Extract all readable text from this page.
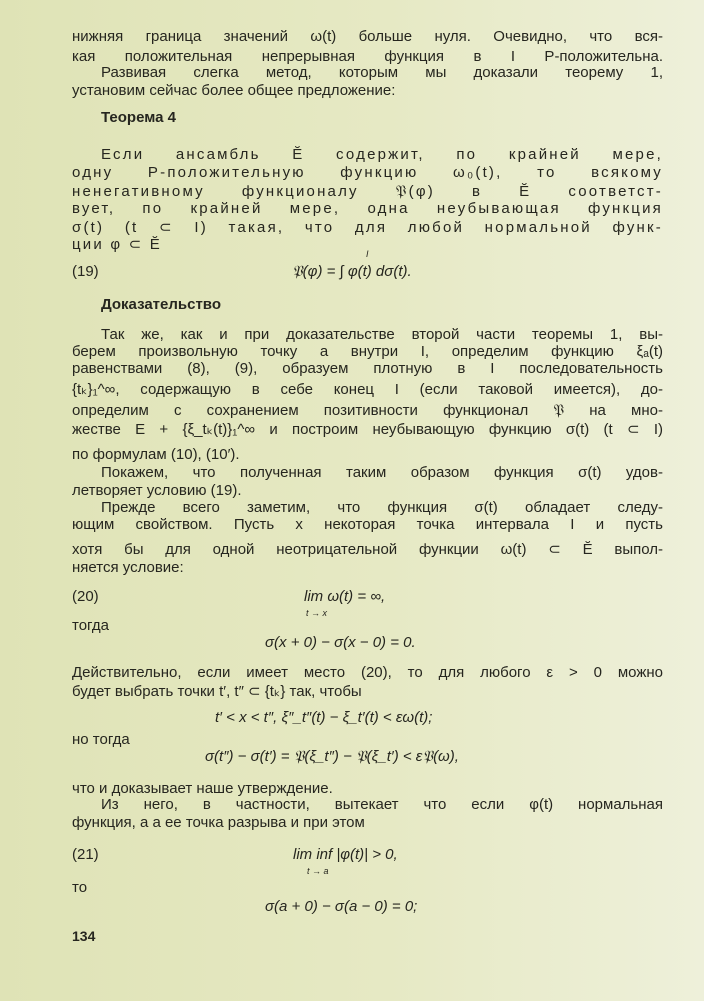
нижняя граница значений ω(t) больше нуля. Очевидно, что вся-
кая положительная непрерывная функция в I P-положительна.
Развивая слегка метод, которым мы доказали теорему 1,
установим сейчас более общее предложение:
Теорема 4
Если ансамбль Ĕ содержит, по крайней мере,
одну P-положительную функцию ω₀(t), то всякому
ненегативному функционалу 𝔓(φ) в Ĕ соответст-
вует, по крайней мере, одна неубывающая функция
σ(t) (t ⊂ I) такая, что для любой нормальной функ-
ции φ ⊂ Ĕ
(19)	𝔓(φ) = ∫ φ(t) dσ(t).
I
Доказательство
Так же, как и при доказательстве второй части теоремы 1, вы-
берем произвольную точку a внутри I, определим функцию ξₐ(t)
равенствами (8), (9), образуем плотную в I последовательность
{tₖ}₁^∞, содержащую в себе конец I (если таковой имеется), до-
определим с сохранением позитивности функционал 𝔓 на мно-
жестве E + {ξ_tₖ(t)}₁^∞ и построим неубывающую функцию σ(t) (t ⊂ I)
по формулам (10), (10′).
Покажем, что полученная таким образом функция σ(t) удов-
летворяет условию (19).
Прежде всего заметим, что функция σ(t) обладает следу-
ющим свойством. Пусть x некоторая точка интервала I и пусть
хотя бы для одной неотрицательной функции ω(t) ⊂ Ĕ выпол-
няется условие:
(20)	lim ω(t) = ∞,
t → x
тогда
σ(x + 0) − σ(x − 0) = 0.
Действительно, если имеет место (20), то для любого ε > 0 можно
будет выбрать точки t′, t″ ⊂ {tₖ} так, чтобы
t′ < x < t″, ξ″_t″(t) − ξ_t′(t) < εω(t);
но тогда
σ(t″) − σ(t′) = 𝔓(ξ_t″) − 𝔓(ξ_t′) < ε𝔓(ω),
что и доказывает наше утверждение.
Из него, в частности, вытекает что если φ(t) нормальная
функция, a a ее точка разрыва и при этом
(21)	lim inf |φ(t)| > 0,
t → a
то
σ(a + 0) − σ(a − 0) = 0;
134
